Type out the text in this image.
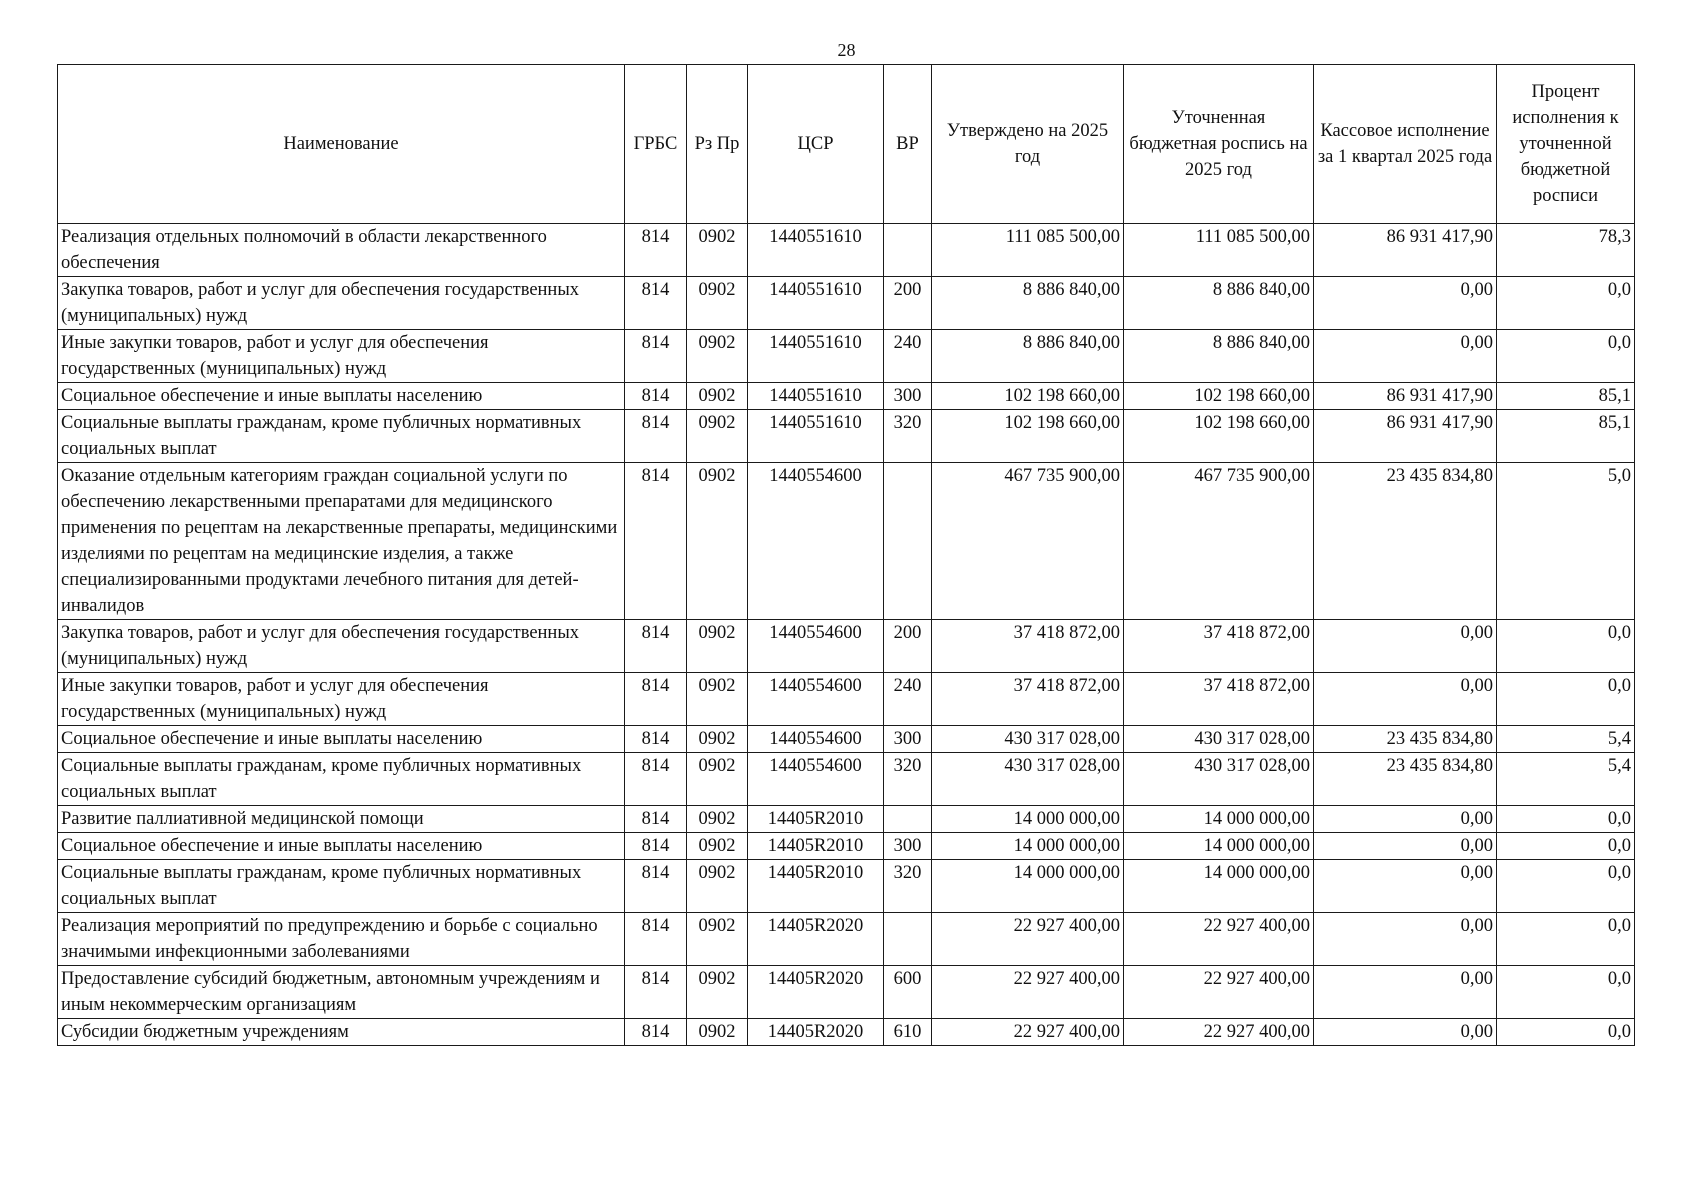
28
Наименование	ГРБС	Рз Пр	ЦСР	ВР	Утверждено на 2025 год	Уточненная бюджетная роспись на 2025 год	Кассовое исполнение за 1 квартал 2025 года	Процент исполнения к уточненной бюджетной росписи
Реализация отдельных полномочий в области лекарственного обеспечения	814	0902	1440551610		111 085 500,00	111 085 500,00	86 931 417,90	78,3
Закупка товаров, работ и услуг для обеспечения государственных (муниципальных) нужд	814	0902	1440551610	200	8 886 840,00	8 886 840,00	0,00	0,0
Иные закупки товаров, работ и услуг для обеспечения государственных (муниципальных) нужд	814	0902	1440551610	240	8 886 840,00	8 886 840,00	0,00	0,0
Социальное обеспечение и иные выплаты населению	814	0902	1440551610	300	102 198 660,00	102 198 660,00	86 931 417,90	85,1
Социальные выплаты гражданам, кроме публичных нормативных социальных выплат	814	0902	1440551610	320	102 198 660,00	102 198 660,00	86 931 417,90	85,1
Оказание отдельным категориям граждан социальной услуги по обеспечению лекарственными препаратами для медицинского применения по рецептам на лекарственные препараты, медицинскими изделиями по рецептам на медицинские изделия, а также специализированными продуктами лечебного питания для детей-инвалидов	814	0902	1440554600		467 735 900,00	467 735 900,00	23 435 834,80	5,0
Закупка товаров, работ и услуг для обеспечения государственных (муниципальных) нужд	814	0902	1440554600	200	37 418 872,00	37 418 872,00	0,00	0,0
Иные закупки товаров, работ и услуг для обеспечения государственных (муниципальных) нужд	814	0902	1440554600	240	37 418 872,00	37 418 872,00	0,00	0,0
Социальное обеспечение и иные выплаты населению	814	0902	1440554600	300	430 317 028,00	430 317 028,00	23 435 834,80	5,4
Социальные выплаты гражданам, кроме публичных нормативных социальных выплат	814	0902	1440554600	320	430 317 028,00	430 317 028,00	23 435 834,80	5,4
Развитие паллиативной медицинской помощи	814	0902	14405R2010		14 000 000,00	14 000 000,00	0,00	0,0
Социальное обеспечение и иные выплаты населению	814	0902	14405R2010	300	14 000 000,00	14 000 000,00	0,00	0,0
Социальные выплаты гражданам, кроме публичных нормативных социальных выплат	814	0902	14405R2010	320	14 000 000,00	14 000 000,00	0,00	0,0
Реализация мероприятий по предупреждению и борьбе с социально значимыми инфекционными заболеваниями	814	0902	14405R2020		22 927 400,00	22 927 400,00	0,00	0,0
Предоставление субсидий бюджетным, автономным учреждениям и иным некоммерческим организациям	814	0902	14405R2020	600	22 927 400,00	22 927 400,00	0,00	0,0
Субсидии бюджетным учреждениям	814	0902	14405R2020	610	22 927 400,00	22 927 400,00	0,00	0,0
